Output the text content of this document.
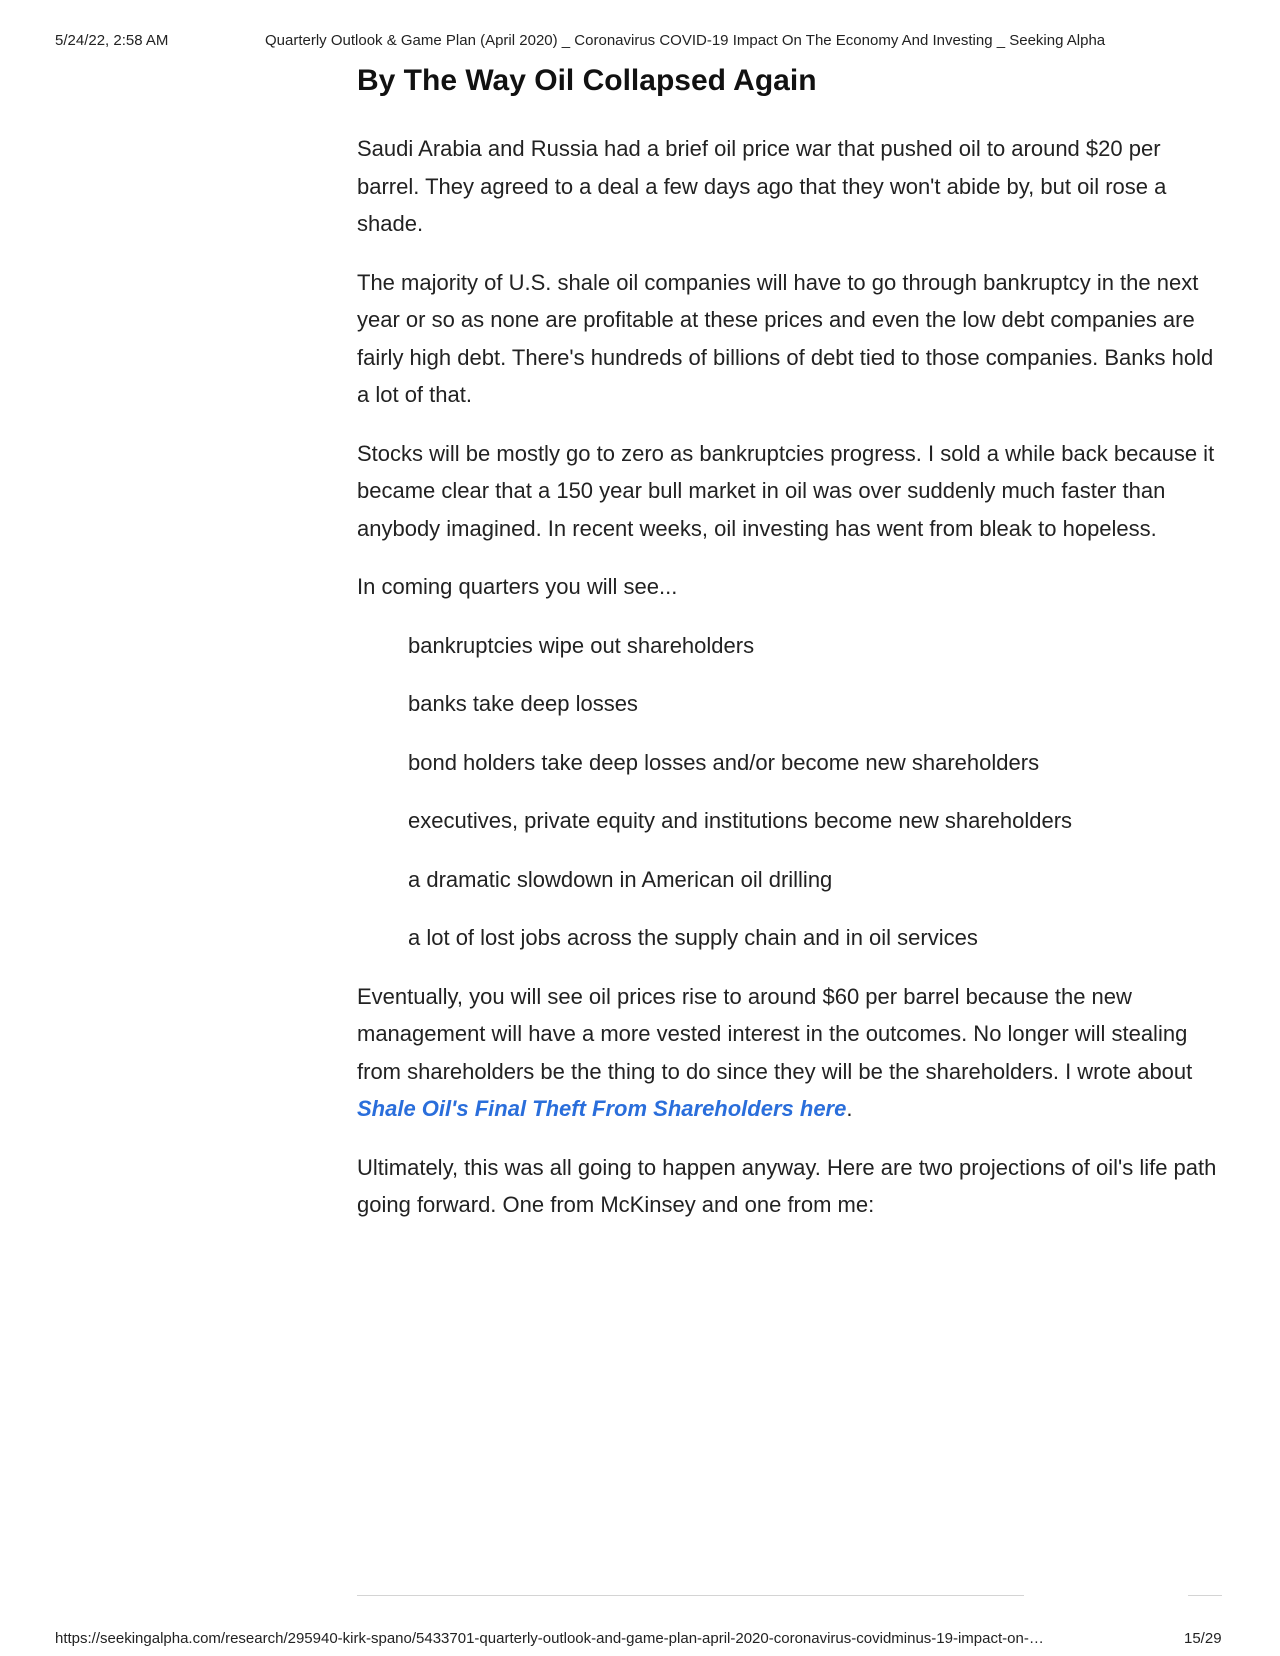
5/24/22, 2:58 AM	Quarterly Outlook & Game Plan (April 2020) _ Coronavirus COVID-19 Impact On The Economy And Investing _ Seeking Alpha
By The Way Oil Collapsed Again

Saudi Arabia and Russia had a brief oil price war that pushed oil to around $20 per barrel. They agreed to a deal a few days ago that they won't abide by, but oil rose a shade.

The majority of U.S. shale oil companies will have to go through bankruptcy in the next year or so as none are profitable at these prices and even the low debt companies are fairly high debt. There's hundreds of billions of debt tied to those companies. Banks hold a lot of that.

Stocks will be mostly go to zero as bankruptcies progress. I sold a while back because it became clear that a 150 year bull market in oil was over suddenly much faster than anybody imagined. In recent weeks, oil investing has went from bleak to hopeless.

In coming quarters you will see...

bankruptcies wipe out shareholders
banks take deep losses
bond holders take deep losses and/or become new shareholders
executives, private equity and institutions become new shareholders
a dramatic slowdown in American oil drilling
a lot of lost jobs across the supply chain and in oil services

Eventually, you will see oil prices rise to around $60 per barrel because the new management will have a more vested interest in the outcomes. No longer will stealing from shareholders be the thing to do since they will be the shareholders. I wrote about Shale Oil's Final Theft From Shareholders here.

Ultimately, this was all going to happen anyway. Here are two projections of oil's life path going forward. One from McKinsey and one from me:

https://seekingalpha.com/research/295940-kirk-spano/5433701-quarterly-outlook-and-game-plan-april-2020-coronavirus-covidminus-19-impact-on-…	15/29
